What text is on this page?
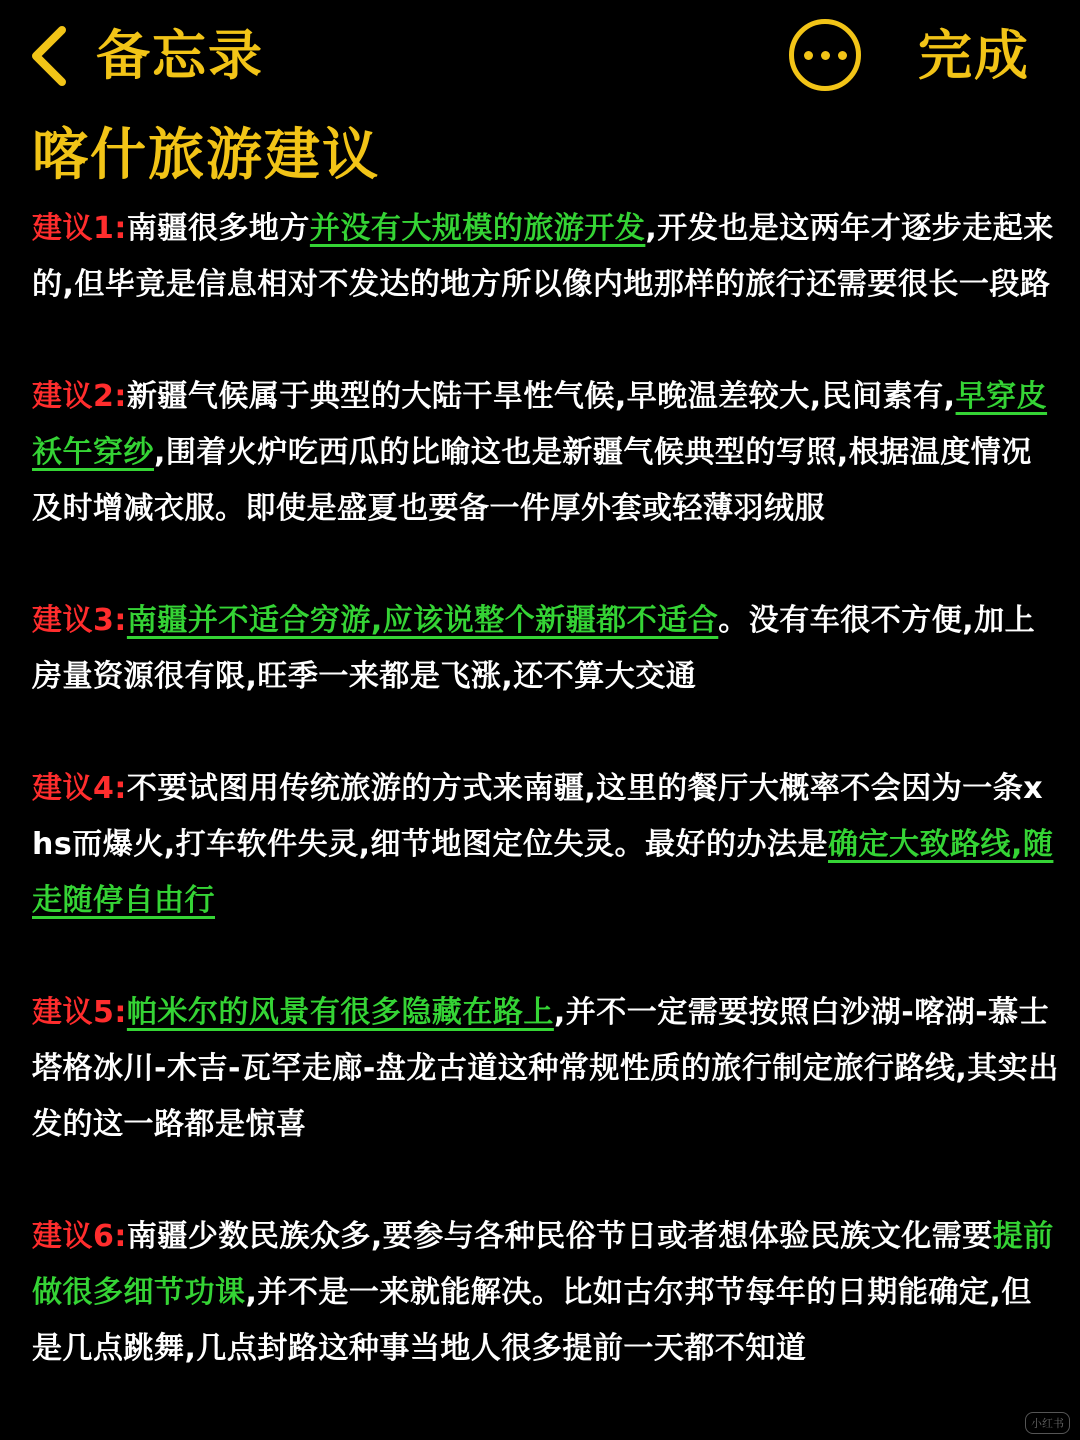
备忘录	完成
喀什旅游建议

建议1:南疆很多地方并没有大规模的旅游开发,开发也是这两年才逐步走起来的,但毕竟是信息相对不发达的地方所以像内地那样的旅行还需要很长一段路

建议2:新疆气候属于典型的大陆干旱性气候,早晚温差较大,民间素有,早穿皮袄午穿纱,围着火炉吃西瓜的比喻这也是新疆气候典型的写照,根据温度情况及时增减衣服。即使是盛夏也要备一件厚外套或轻薄羽绒服

建议3:南疆并不适合穷游,应该说整个新疆都不适合。没有车很不方便,加上房量资源很有限,旺季一来都是飞涨,还不算大交通

建议4:不要试图用传统旅游的方式来南疆,这里的餐厅大概率不会因为一条xhs而爆火,打车软件失灵,细节地图定位失灵。最好的办法是确定大致路线,随走随停自由行

建议5:帕米尔的风景有很多隐藏在路上,并不一定需要按照白沙湖-喀湖-慕士塔格冰川-木吉-瓦罕走廊-盘龙古道这种常规性质的旅行制定旅行路线,其实出发的这一路都是惊喜

建议6:南疆少数民族众多,要参与各种民俗节日或者想体验民族文化需要提前做很多细节功课,并不是一来就能解决。比如古尔邦节每年的日期能确定,但是几点跳舞,几点封路这种事当地人很多提前一天都不知道

小红书
